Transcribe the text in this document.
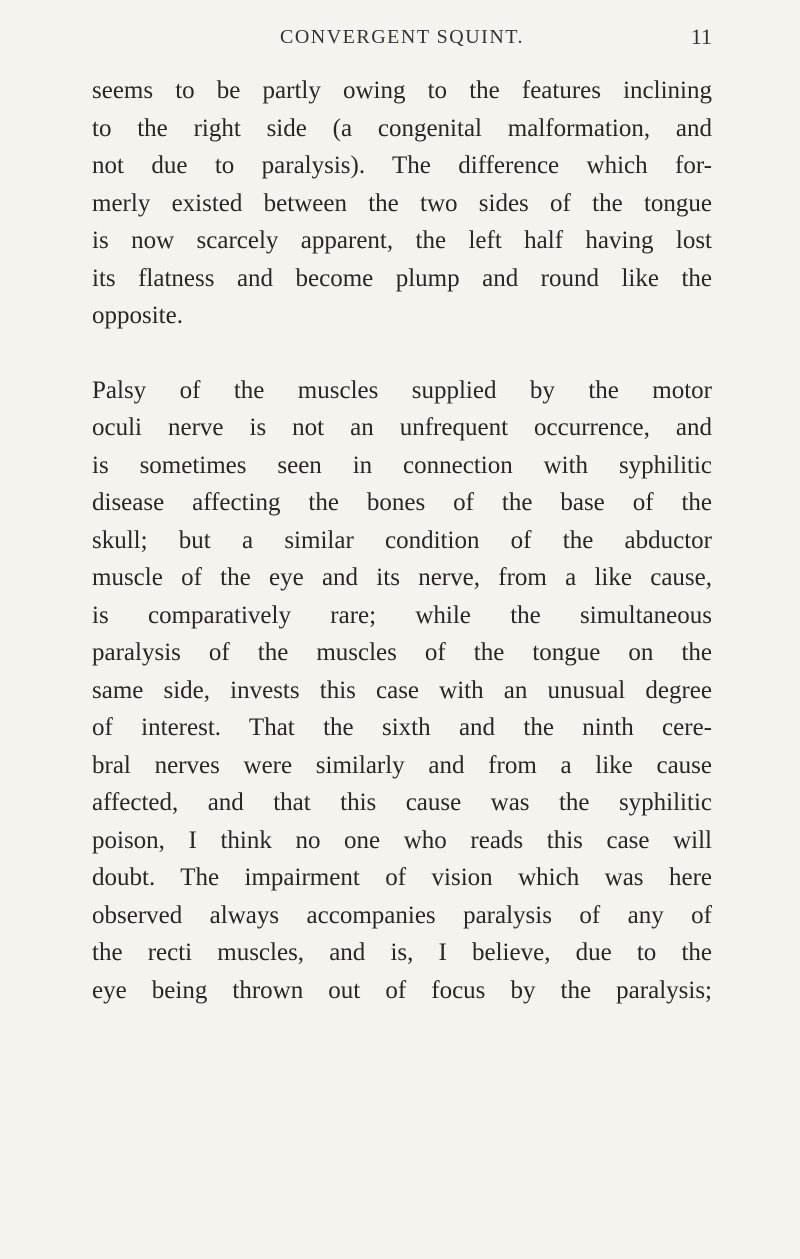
CONVERGENT SQUINT.	11
seems to be partly owing to the features inclining
to the right side (a congenital malformation, and
not due to paralysis). The difference which for-
merly existed between the two sides of the tongue
is now scarcely apparent, the left half having lost
its flatness and become plump and round like the
opposite.
Palsy of the muscles supplied by the motor
oculi nerve is not an unfrequent occurrence, and
is sometimes seen in connection with syphilitic
disease affecting the bones of the base of the
skull; but a similar condition of the abductor
muscle of the eye and its nerve, from a like cause,
is comparatively rare; while the simultaneous
paralysis of the muscles of the tongue on the
same side, invests this case with an unusual degree
of interest. That the sixth and the ninth cere-
bral nerves were similarly and from a like cause
affected, and that this cause was the syphilitic
poison, I think no one who reads this case will
doubt. The impairment of vision which was here
observed always accompanies paralysis of any of
the recti muscles, and is, I believe, due to the
eye being thrown out of focus by the paralysis;
